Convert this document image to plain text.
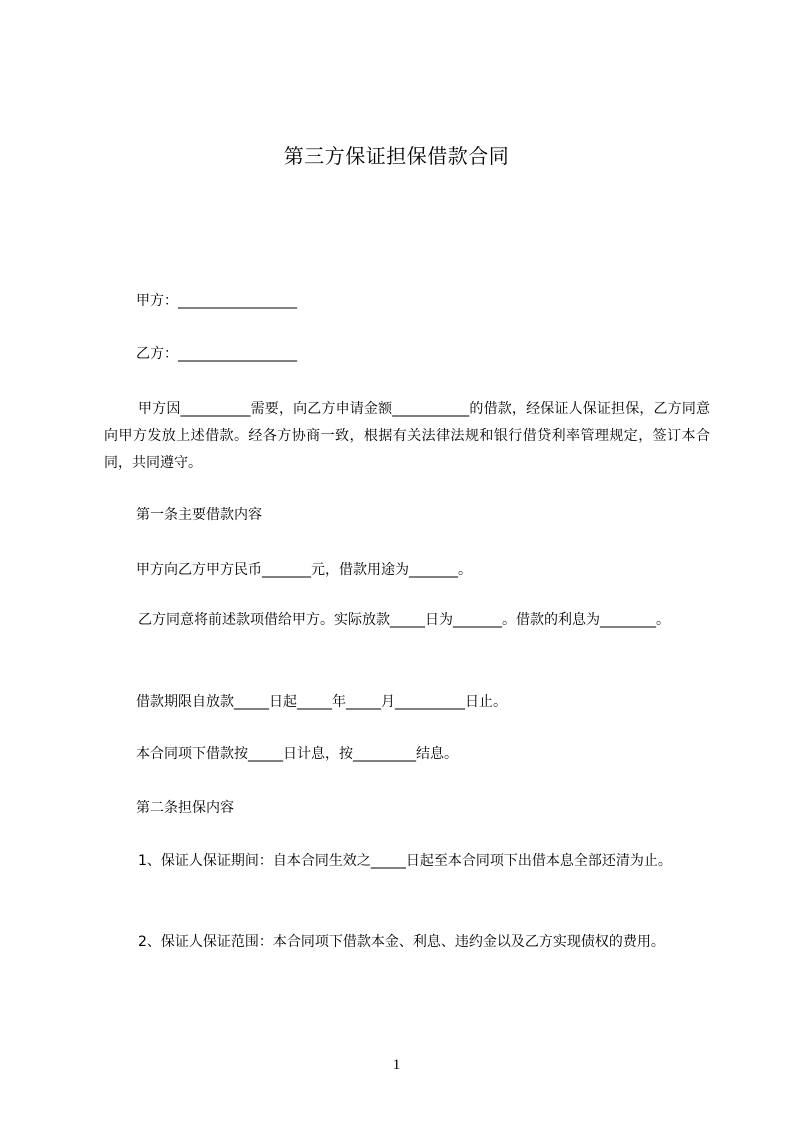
第三方保证担保借款合同
甲方：_________________
乙方：_________________
甲方因__________需要，向乙方申请金额___________的借款，经保证人保证担保，乙方同意向甲方发放上述借款。经各方协商一致，根据有关法律法规和银行借贷利率管理规定，签订本合同，共同遵守。
第一条主要借款内容
甲方向乙方甲方民币_______元，借款用途为_______。
乙方同意将前述款项借给甲方。实际放款_____日为_______。借款的利息为________。
借款期限自放款_____日起_____年_____月__________日止。
本合同项下借款按_____日计息，按_________结息。
第二条担保内容
1、保证人保证期间：自本合同生效之_____日起至本合同项下出借本息全部还清为止。
2、保证人保证范围：本合同项下借款本金、利息、违约金以及乙方实现债权的费用。
1
